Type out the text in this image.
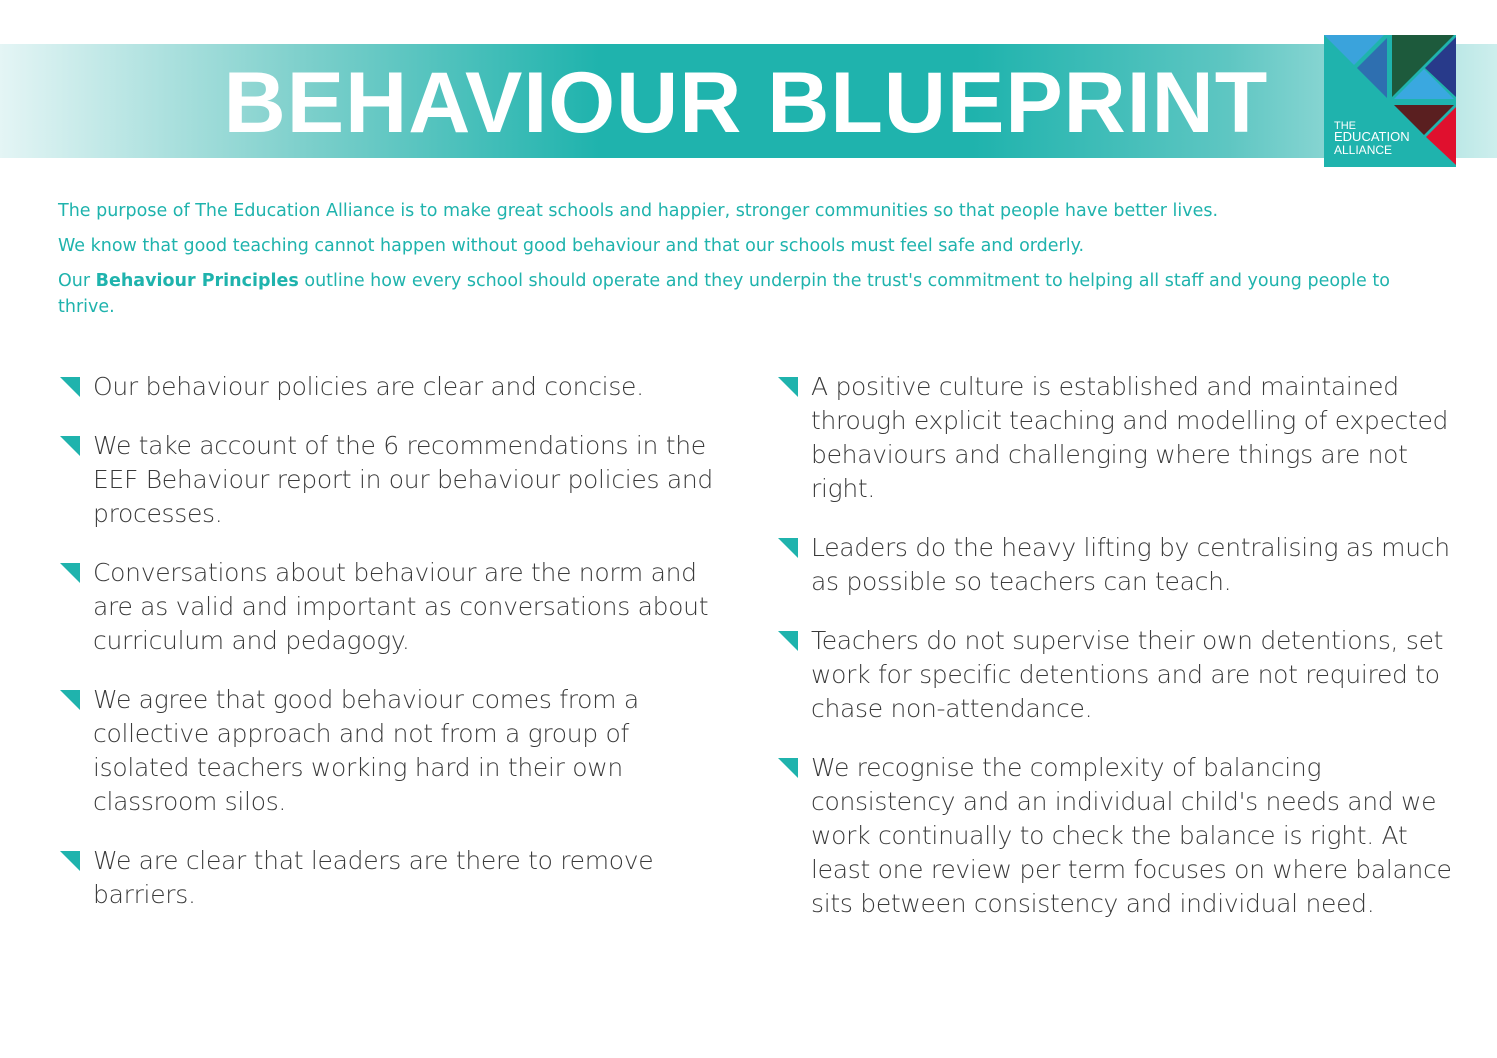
BEHAVIOUR BLUEPRINT	THE
EDUCATION
ALLIANCE

The purpose of The Education Alliance is to make great schools and happier, stronger communities so that people have better lives.

We know that good teaching cannot happen without good behaviour and that our schools must feel safe and orderly.

Our Behaviour Principles outline how every school should operate and they underpin the trust's commitment to helping all staff and young people to thrive.

Our behaviour policies are clear and concise.
We take account of the 6 recommendations in the EEF Behaviour report in our behaviour policies and processes.
Conversations about behaviour are the norm and are as valid and important as conversations about curriculum and pedagogy.
We agree that good behaviour comes from a collective approach and not from a group of isolated teachers working hard in their own classroom silos.
We are clear that leaders are there to remove barriers.
A positive culture is established and maintained through explicit teaching and modelling of expected behaviours and challenging where things are not right.
Leaders do the heavy lifting by centralising as much as possible so teachers can teach.
Teachers do not supervise their own detentions, set work for specific detentions and are not required to chase non-attendance.
We recognise the complexity of balancing consistency and an individual child's needs and we work continually to check the balance is right. At least one review per term focuses on where balance sits between consistency and individual need.
